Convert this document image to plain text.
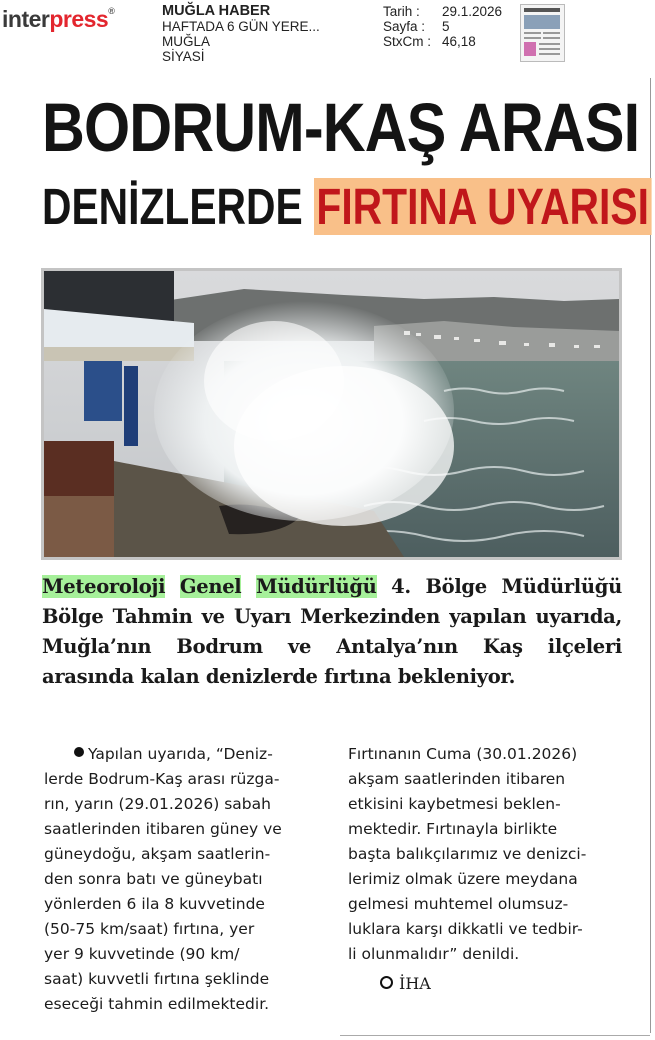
interpress®	MUĞLA HABER
HAFTADA 6 GÜN YERE...
MUĞLA
SİYASİ
Tarih :
Sayfa :
StxCm :
29.1.2026
5
46,18
BODRUM-KAŞ ARASI
DENİZLERDE FIRTINA UYARISI
Meteoroloji Genel Müdürlüğü 4. Bölge Müdürlüğü Bölge Tahmin ve Uyarı Merkezinden yapılan uyarıda, Muğla’nın Bodrum ve Antalya’nın Kaş ilçeleri arasında kalan denizlerde fırtına bekleniyor.

Yapılan uyarıda, “Deniz-

lerde Bodrum-Kaş arası rüzga-
rın, yarın (29.01.2026) sabah
saatlerinden itibaren güney ve
güneydoğu, akşam saatlerin-
den sonra batı ve güneybatı
yönlerden 6 ila 8 kuvvetinde
(50-75 km/saat) fırtına, yer
yer 9 kuvvetinde (90 km/
saat) kuvvetli fırtına şeklinde
eseceği tahmin edilmektedir.

Fırtınanın Cuma (30.01.2026)
akşam saatlerinden itibaren
etkisini kaybetmesi beklen-
mektedir. Fırtınayla birlikte
başta balıkçılarımız ve denizci-
lerimiz olmak üzere meydana
gelmesi muhtemel olumsuz-
luklara karşı dikkatli ve tedbir-
li olunmalıdır” denildi.

İHA
